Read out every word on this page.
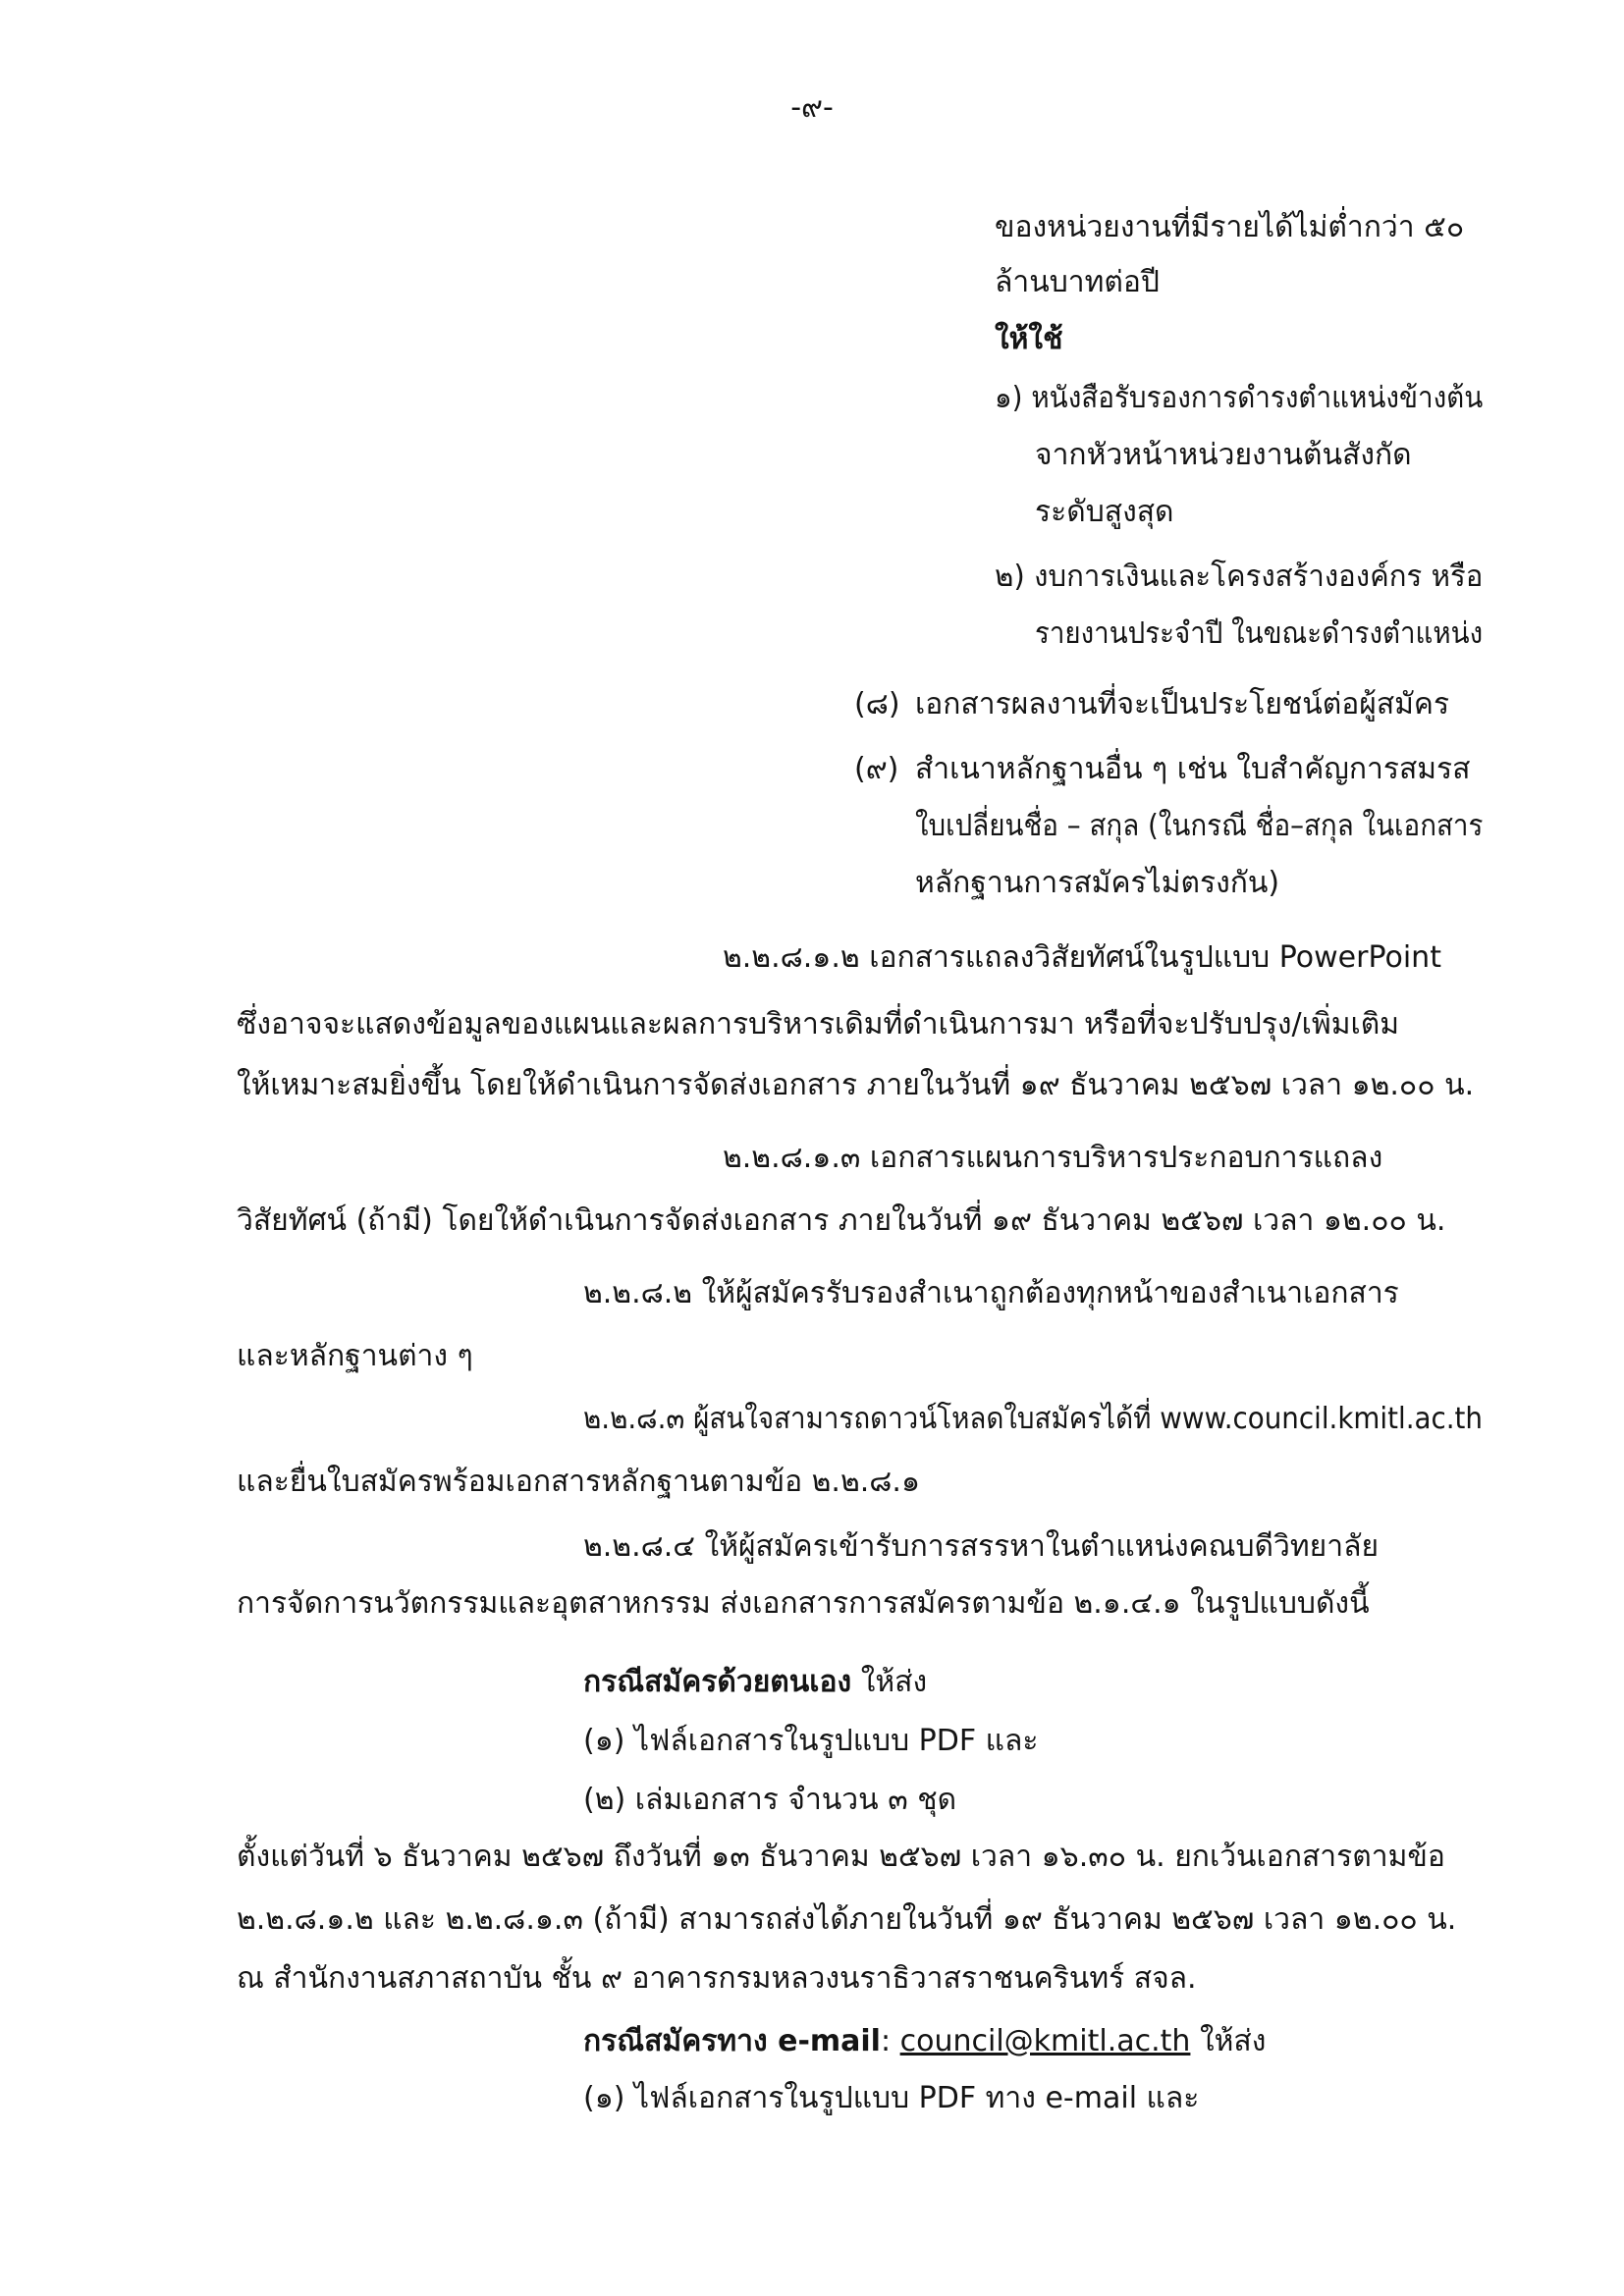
-๙-
ของหน่วยงานที่มีรายได้ไม่ต่ำกว่า ๕๐
ล้านบาทต่อปี
ให้ใช้
๑) หนังสือรับรองการดำรงตำแหน่งข้างต้น
จากหัวหน้าหน่วยงานต้นสังกัด
ระดับสูงสุด
๒) งบการเงินและโครงสร้างองค์กร หรือ
รายงานประจำปี ในขณะดำรงตำแหน่ง
(๘) เอกสารผลงานที่จะเป็นประโยชน์ต่อผู้สมัคร
(๙) สำเนาหลักฐานอื่น ๆ เช่น ใบสำคัญการสมรส
ใบเปลี่ยนชื่อ – สกุล (ในกรณี ชื่อ–สกุล ในเอกสาร
หลักฐานการสมัครไม่ตรงกัน)
๒.๒.๘.๑.๒ เอกสารแถลงวิสัยทัศน์ในรูปแบบ PowerPoint
ซึ่งอาจจะแสดงข้อมูลของแผนและผลการบริหารเดิมที่ดำเนินการมา หรือที่จะปรับปรุง/เพิ่มเติม
ให้เหมาะสมยิ่งขึ้น โดยให้ดำเนินการจัดส่งเอกสาร ภายในวันที่ ๑๙ ธันวาคม ๒๕๖๗ เวลา ๑๒.๐๐ น.
๒.๒.๘.๑.๓ เอกสารแผนการบริหารประกอบการแถลง
วิสัยทัศน์ (ถ้ามี) โดยให้ดำเนินการจัดส่งเอกสาร ภายในวันที่ ๑๙ ธันวาคม ๒๕๖๗ เวลา ๑๒.๐๐ น.
๒.๒.๘.๒ ให้ผู้สมัครรับรองสำเนาถูกต้องทุกหน้าของสำเนาเอกสาร
และหลักฐานต่าง ๆ
๒.๒.๘.๓ ผู้สนใจสามารถดาวน์โหลดใบสมัครได้ที่ www.council.kmitl.ac.th
และยื่นใบสมัครพร้อมเอกสารหลักฐานตามข้อ ๒.๒.๘.๑
๒.๒.๘.๔ ให้ผู้สมัครเข้ารับการสรรหาในตำแหน่งคณบดีวิทยาลัย
การจัดการนวัตกรรมและอุตสาหกรรม ส่งเอกสารการสมัครตามข้อ ๒.๑.๔.๑ ในรูปแบบดังนี้
กรณีสมัครด้วยตนเอง ให้ส่ง
(๑) ไฟล์เอกสารในรูปแบบ PDF และ
(๒) เล่มเอกสาร จำนวน ๓ ชุด
ตั้งแต่วันที่ ๖ ธันวาคม ๒๕๖๗ ถึงวันที่ ๑๓ ธันวาคม ๒๕๖๗ เวลา ๑๖.๓๐ น. ยกเว้นเอกสารตามข้อ
๒.๒.๘.๑.๒ และ ๒.๒.๘.๑.๓ (ถ้ามี) สามารถส่งได้ภายในวันที่ ๑๙ ธันวาคม ๒๕๖๗ เวลา ๑๒.๐๐ น.
ณ สำนักงานสภาสถาบัน ชั้น ๙ อาคารกรมหลวงนราธิวาสราชนครินทร์ สจล.
กรณีสมัครทาง e-mail: council@kmitl.ac.th ให้ส่ง
(๑) ไฟล์เอกสารในรูปแบบ PDF ทาง e-mail และ
